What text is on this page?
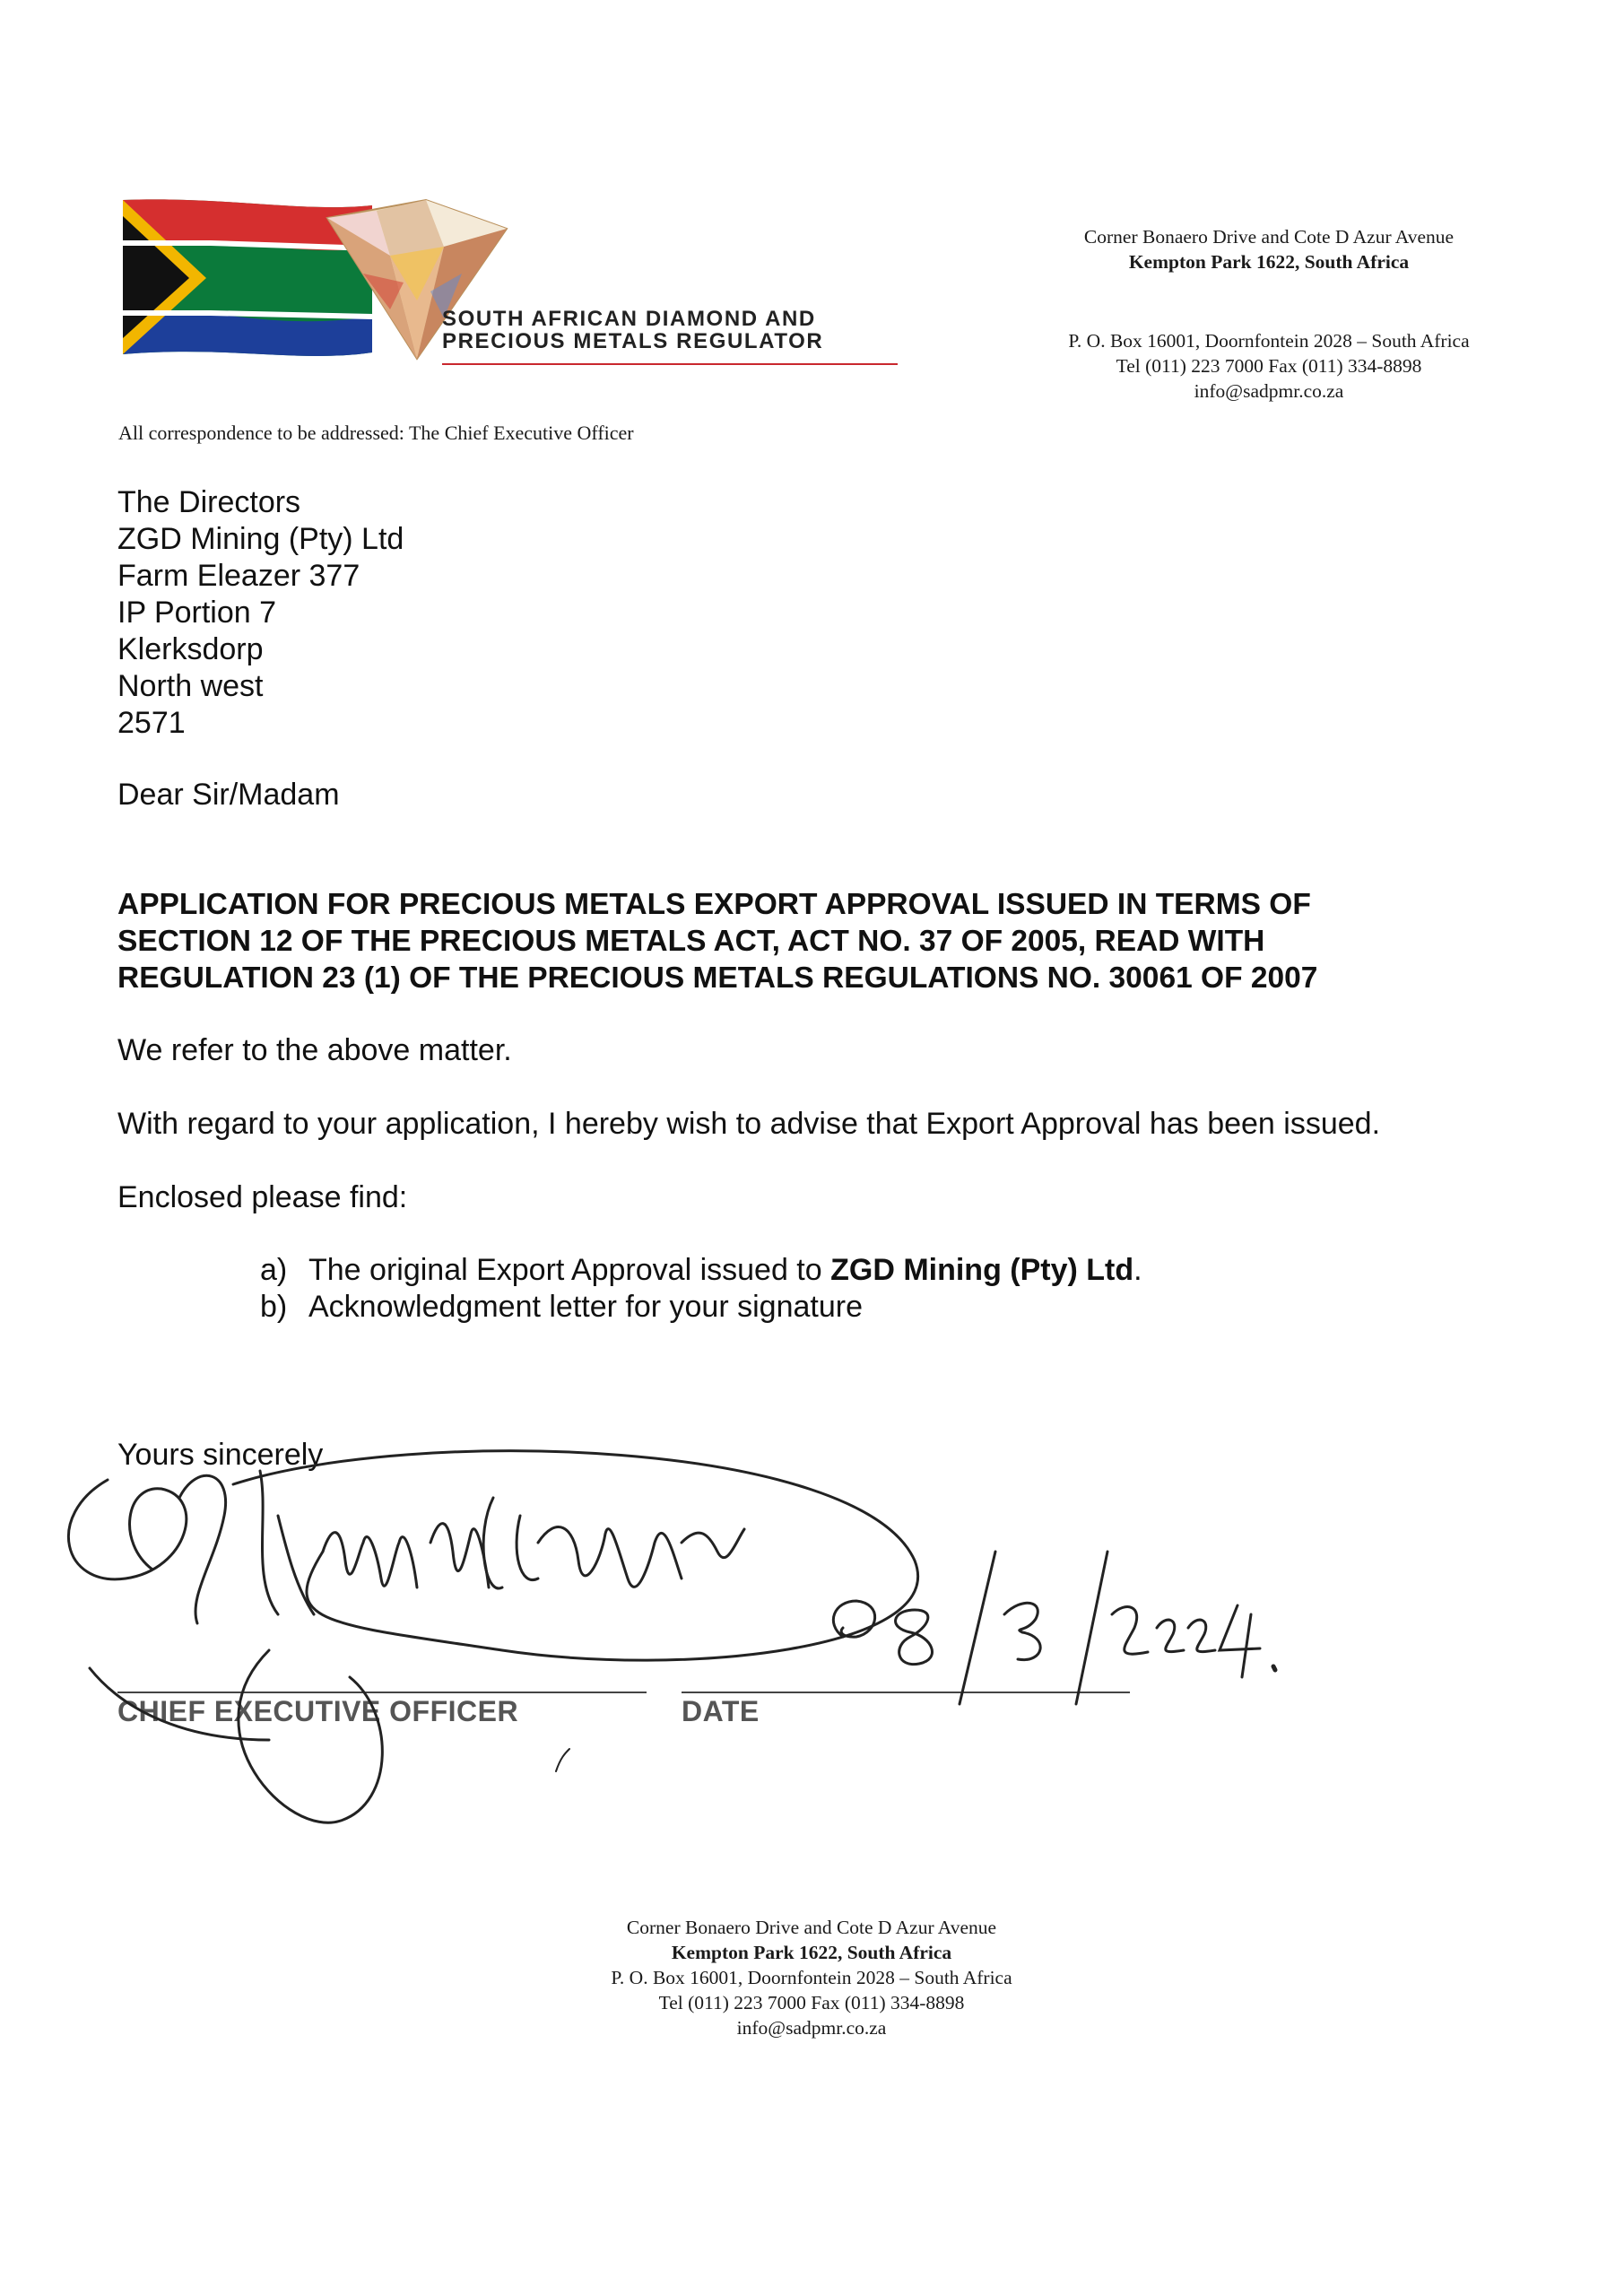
SOUTH AFRICAN DIAMOND AND
PRECIOUS METALS REGULATOR
Corner Bonaero Drive and Cote D Azur Avenue
Kempton Park 1622, South Africa
P. O. Box 16001, Doornfontein 2028 – South Africa
Tel (011) 223 7000 Fax (011) 334-8898
info@sadpmr.co.za
All correspondence to be addressed: The Chief Executive Officer
The Directors
ZGD Mining (Pty) Ltd
Farm Eleazer 377
IP Portion 7
Klerksdorp
North west
2571
Dear Sir/Madam
APPLICATION FOR PRECIOUS METALS EXPORT APPROVAL ISSUED IN TERMS OF
SECTION 12 OF THE PRECIOUS METALS ACT, ACT NO. 37 OF 2005, READ WITH
REGULATION 23 (1) OF THE PRECIOUS METALS REGULATIONS NO. 30061 OF 2007
We refer to the above matter.
With regard to your application, I hereby wish to advise that Export Approval has been issued.
Enclosed please find:
a) The original Export Approval issued to ZGD Mining (Pty) Ltd.
b) Acknowledgment letter for your signature
Yours sincerely
CHIEF EXECUTIVE OFFICER	DATE
Corner Bonaero Drive and Cote D Azur Avenue
Kempton Park 1622, South Africa
P. O. Box 16001, Doornfontein 2028 – South Africa
Tel (011) 223 7000 Fax (011) 334-8898
info@sadpmr.co.za
